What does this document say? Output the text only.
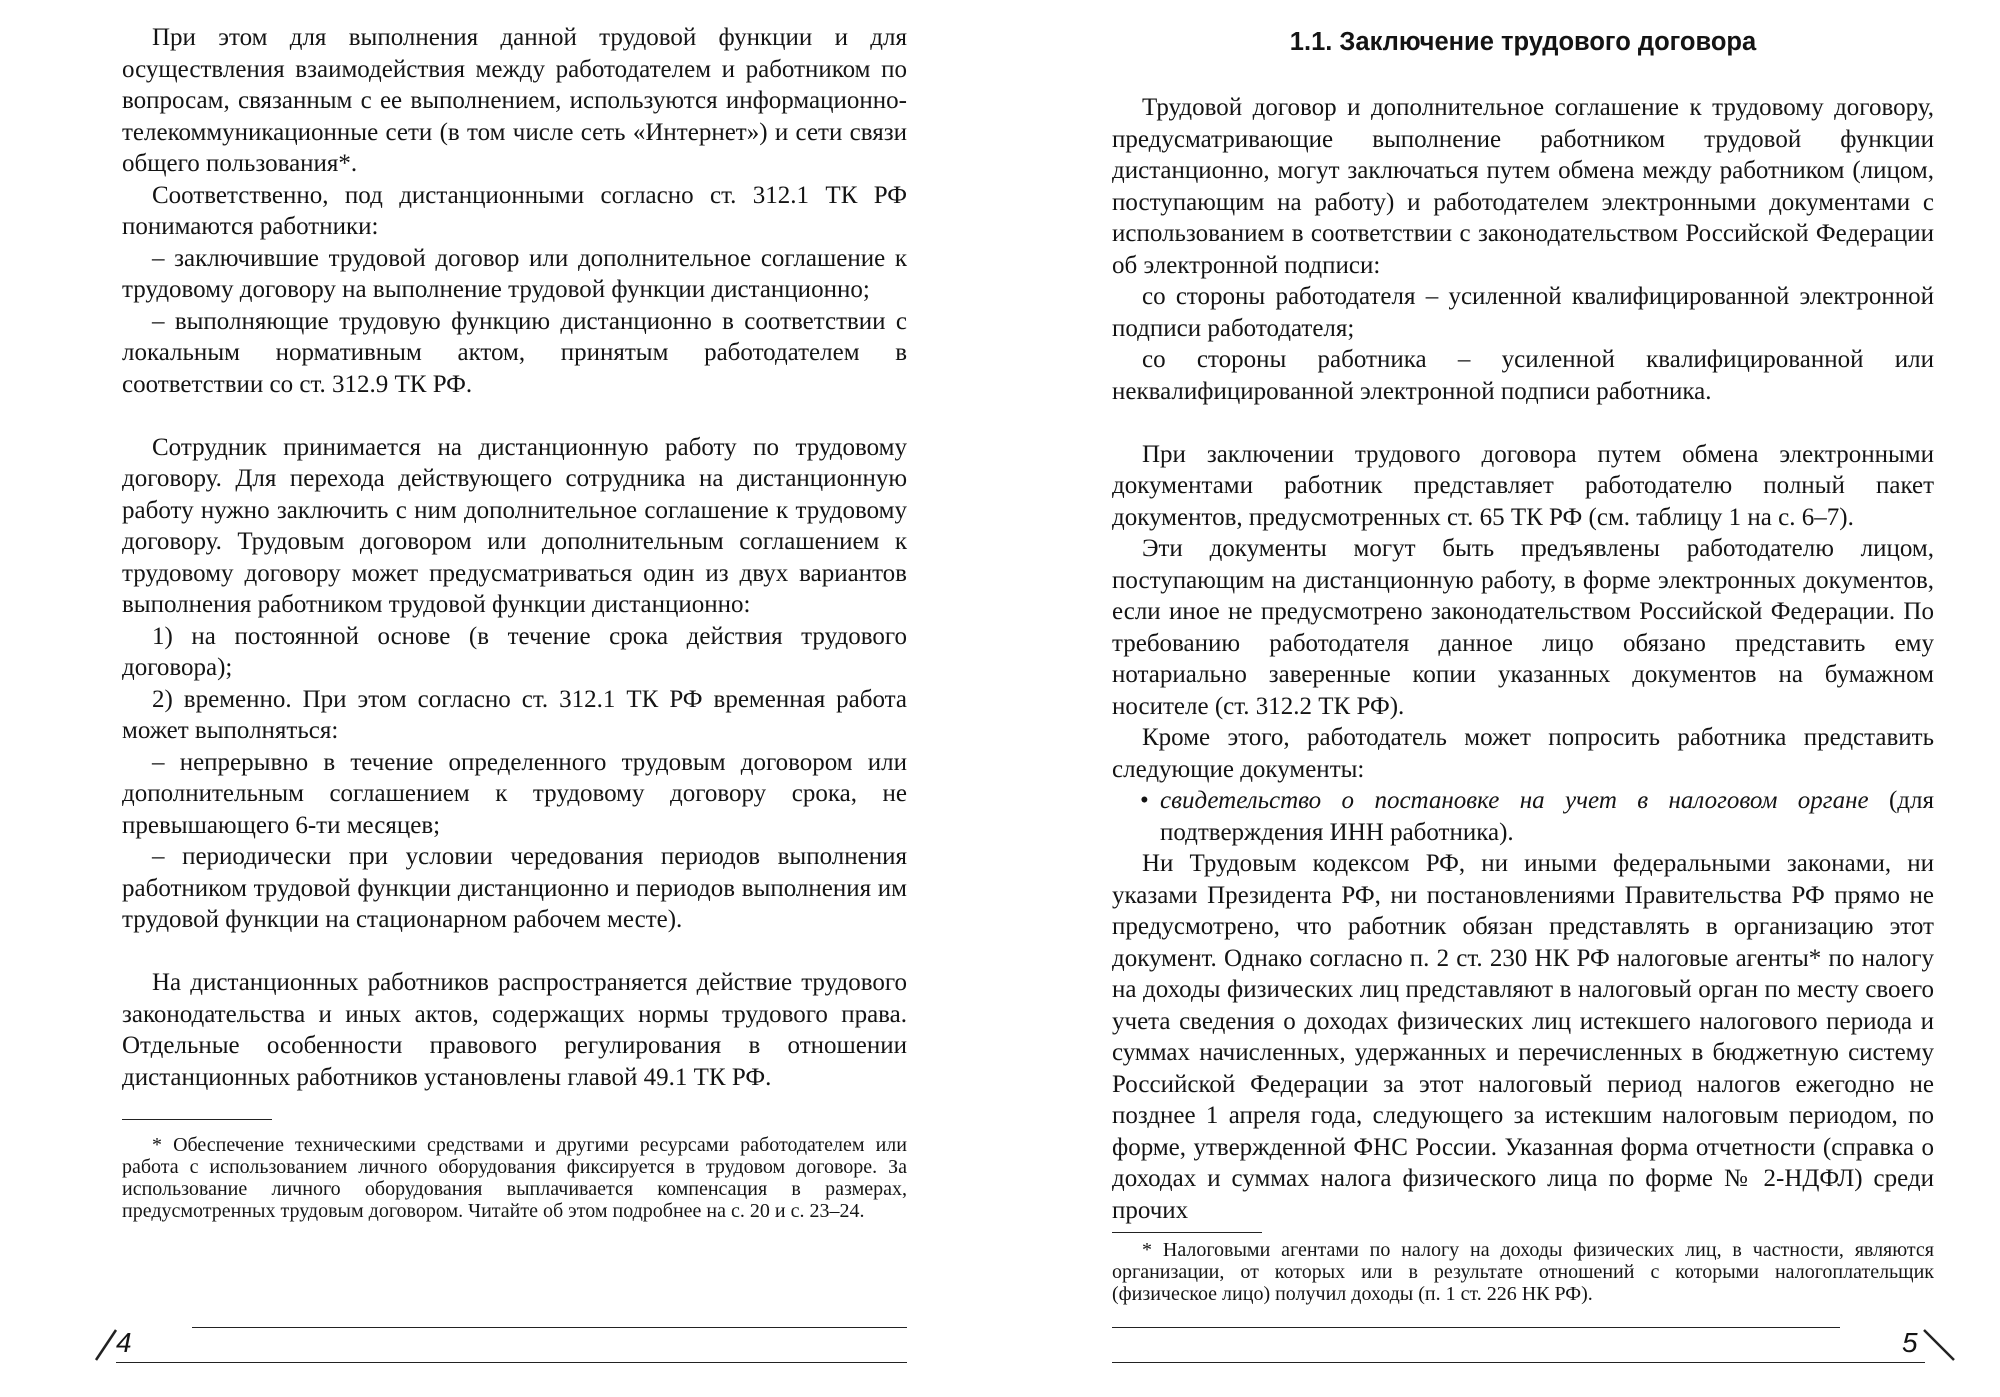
При этом для выполнения данной трудовой функции и для осуществления взаимодействия между работодателем и работником по вопросам, связанным с ее выполнением, используются информационно-телекоммуникационные сети (в том числе сеть «Интернет») и сети связи общего пользования*.

Соответственно, под дистанционными согласно ст. 312.1 ТК РФ понимаются работники:

– заключившие трудовой договор или дополнительное соглашение к трудовому договору на выполнение трудовой функции дистанционно;

– выполняющие трудовую функцию дистанционно в соответствии с локальным нормативным актом, принятым работодателем в соответствии со ст. 312.9 ТК РФ.

Сотрудник принимается на дистанционную работу по трудовому договору. Для перехода действующего сотрудника на дистанционную работу нужно заключить с ним дополнительное соглашение к трудовому договору. Трудовым договором или дополнительным соглашением к трудовому договору может предусматриваться один из двух вариантов выполнения работником трудовой функции дистанционно:

1) на постоянной основе (в течение срока действия трудового договора);

2) временно. При этом согласно ст. 312.1 ТК РФ временная работа может выполняться:

– непрерывно в течение определенного трудовым договором или дополнительным соглашением к трудовому договору срока, не превышающего 6-ти месяцев;

– периодически при условии чередования периодов выполнения работником трудовой функции дистанционно и периодов выполнения им трудовой функции на стационарном рабочем месте).

На дистанционных работников распространяется действие трудового законодательства и иных актов, содержащих нормы трудового права. Отдельные особенности правового регулирования в отношении дистанционных работников установлены главой 49.1 ТК РФ.

* Обеспечение техническими средствами и другими ресурсами работодателем или работа с использованием личного оборудования фиксируется в трудовом договоре. За использование личного оборудования выплачивается компенсация в размерах, предусмотренных трудовым договором. Читайте об этом подробнее на с. 20 и с. 23–24.

4
1.1. Заключение трудового договора

Трудовой договор и дополнительное соглашение к трудовому договору, предусматривающие выполнение работником трудовой функции дистанционно, могут заключаться путем обмена между работником (лицом, поступающим на работу) и работодателем электронными документами с использованием в соответствии с законодательством Российской Федерации об электронной подписи:

со стороны работодателя – усиленной квалифицированной электронной подписи работодателя;

со стороны работника – усиленной квалифицированной или неквалифицированной электронной подписи работника.

При заключении трудового договора путем обмена электронными документами работник представляет работодателю полный пакет документов, предусмотренных ст. 65 ТК РФ (см. таблицу 1 на с. 6–7).

Эти документы могут быть предъявлены работодателю лицом, поступающим на дистанционную работу, в форме электронных документов, если иное не предусмотрено законодательством Российской Федерации. По требованию работодателя данное лицо обязано представить ему нотариально заверенные копии указанных документов на бумажном носителе (ст. 312.2 ТК РФ).

Кроме этого, работодатель может попросить работника представить следующие документы:

• свидетельство о постановке на учет в налоговом органе (для подтверждения ИНН работника).

Ни Трудовым кодексом РФ, ни иными федеральными законами, ни указами Президента РФ, ни постановлениями Правительства РФ прямо не предусмотрено, что работник обязан представлять в организацию этот документ. Однако согласно п. 2 ст. 230 НК РФ налоговые агенты* по налогу на доходы физических лиц представляют в налоговый орган по месту своего учета сведения о доходах физических лиц истекшего налогового периода и суммах начисленных, удержанных и перечисленных в бюджетную систему Российской Федерации за этот налоговый период налогов ежегодно не позднее 1 апреля года, следующего за истекшим налоговым периодом, по форме, утвержденной ФНС России. Указанная форма отчетности (справка о доходах и суммах налога физического лица по форме № 2-НДФЛ) среди прочих

* Налоговыми агентами по налогу на доходы физических лиц, в частности, являются организации, от которых или в результате отношений с которыми налогоплательщик (физическое лицо) получил доходы (п. 1 ст. 226 НК РФ).

5
